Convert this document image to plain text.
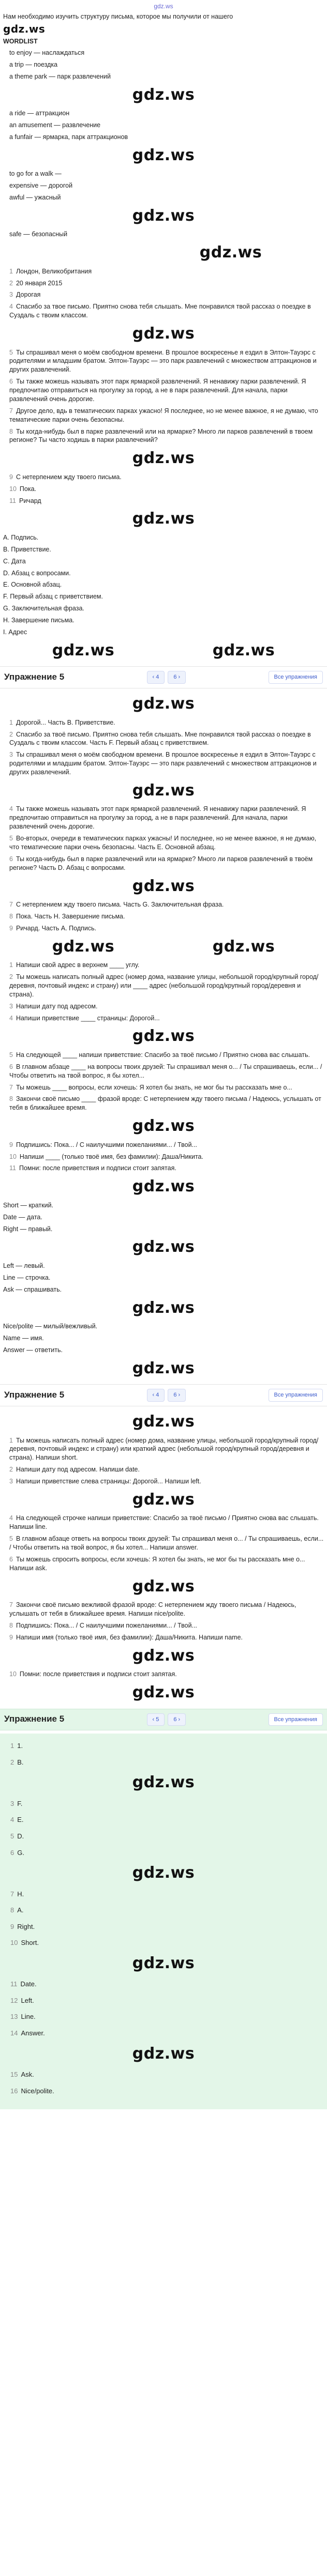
gdz.ws
Нам необходимо изучить структуру письма, которое мы получили от нашего
gdz.ws
WORDLIST
to enjoy — наслаждаться
a trip — поездка
a theme park — парк развлечений
gdz.ws
a ride — аттракцион
an amusement — развлечение
a funfair — ярмарка, парк аттракционов
gdz.ws
to go for a walk —
expensive — дорогой
awful — ужасный
gdz.ws
safe — безопасный
gdz.ws
1 Лондон, Великобритания
2 20 января 2015
3 Дорогая
4 Спасибо за твое письмо. Приятно снова тебя слышать. Мне понравился твой рассказ о поездке в Суздаль с твоим классом.
gdz.ws
5 Ты спрашивал меня о моём свободном времени. В прошлое воскресенье я ездил в Элтон-Тауэрс с родителями и младшим братом. Элтон-Тауэрс — это парк развлечений с множеством аттракционов и других развлечений.
6 Ты также можешь называть этот парк ярмаркой развлечений. Я ненавижу парки развлечений. Я предпочитаю отправиться на прогулку за город, а не в парк развлечений. Для начала, парки развлечений очень дорогие.
7 Другое дело, вдь в тематических парках ужасно! Я последнее, но не менее важное, я не думаю, что тематические парки очень безопасны.
8 Ты когда-нибудь был в парке развлечений или на ярмарке? Много ли парков развлечений в твоем регионе? Ты часто ходишь в парки развлечений?
gdz.ws
9 С нетерпением жду твоего письма.
10 Пока.
11 Ричард
gdz.ws
А. Подпись.
В. Приветствие.
С. Дата
D. Абзац с вопросами.
Е. Основной абзац.
F. Первый абзац с приветствием.
G. Заключительная фраза.
H. Завершение письма.
I. Адрес
gdz.ws	gdz.ws
Упражнение 5	‹ 4	6 ›	Все упражнения
gdz.ws
1 Дорогой... Часть В. Приветствие.
2 Спасибо за твоё письмо. Приятно снова тебя слышать. Мне понравился твой рассказ о поездке в Суздаль с твоим классом. Часть F. Первый абзац с приветствием.
3 Ты спрашивал меня о моём свободном времени. В прошлое воскресенье я ездил в Элтон-Тауэрс с родителями и младшим братом. Элтон-Тауэрс — это парк развлечений с множеством аттракционов и других развлечений.
gdz.ws
4 Ты также можешь называть этот парк ярмаркой развлечений. Я ненавижу парки развлечений. Я предпочитаю отправиться на прогулку за город, а не в парк развлечений. Для начала, парки развлечений очень дорогие.
5 Во-вторых, очереди в тематических парках ужасны! И последнее, но не менее важное, я не думаю, что тематические парки очень безопасны. Часть Е. Основной абзац.
6 Ты когда-нибудь был в парке развлечений или на ярмарке? Много ли парков развлечений в твоём регионе? Часть D. Абзац с вопросами.
gdz.ws
7 С нетерпением жду твоего письма. Часть G. Заключительная фраза.
8 Пока. Часть H. Завершение письма.
9 Ричард. Часть А. Подпись.
gdz.ws	gdz.ws
1 Напиши свой адрес в верхнем ____ углу.
2 Ты можешь написать полный адрес (номер дома, название улицы, небольшой город/крупный город/деревня, почтовый индекс и страну) или ____ адрес (небольшой город/крупный город/деревня и страна).
3 Напиши дату под адресом.
4 Напиши приветствие ____ страницы: Дорогой...
gdz.ws
5 На следующей ____ напиши приветствие: Спасибо за твоё письмо / Приятно снова вас слышать.
6 В главном абзаце ____ на вопросы твоих друзей: Ты спрашивал меня о... / Ты спрашиваешь, если... / Чтобы ответить на твой вопрос, я бы хотел...
7 Ты можешь ____ вопросы, если хочешь: Я хотел бы знать, не мог бы ты рассказать мне о...
8 Закончи своё письмо ____ фразой вроде: С нетерпением жду твоего письма / Надеюсь, услышать от тебя в ближайшее время.
gdz.ws
9 Подпишись: Пока... / С наилучшими пожеланиями... / Твой...
10 Напиши ____ (только твоё имя, без фамилии): Даша/Никита.
11 Помни: после приветствия и подписи стоит запятая.
gdz.ws
Short — краткий.
Date — дата.
Right — правый.
gdz.ws
Left — левый.
Line — строчка.
Ask — спрашивать.
gdz.ws
Nice/polite — милый/вежливый.
Name — имя.
Answer — ответить.
gdz.ws
Упражнение 5	‹ 4	6 ›	Все упражнения
gdz.ws
1 Ты можешь написать полный адрес (номер дома, название улицы, небольшой город/крупный город/деревня, почтовый индекс и страну) или краткий адрес (небольшой город/крупный город/деревня и страна). Напиши short.
2 Напиши дату под адресом. Напиши date.
3 Напиши приветствие слева страницы: Дорогой... Напиши left.
gdz.ws
4 На следующей строчке напиши приветствие: Спасибо за твоё письмо / Приятно снова вас слышать. Напиши line.
5 В главном абзаце ответь на вопросы твоих друзей: Ты спрашивал меня о... / Ты спрашиваешь, если... / Чтобы ответить на твой вопрос, я бы хотел... Напиши answer.
6 Ты можешь спросить вопросы, если хочешь: Я хотел бы знать, не мог бы ты рассказать мне о... Напиши ask.
gdz.ws
7 Закончи своё письмо вежливой фразой вроде: С нетерпением жду твоего письма / Надеюсь, услышать от тебя в ближайшее время. Напиши nice/polite.
8 Подпишись: Пока... / С наилучшими пожеланиями... / Твой...
9 Напиши имя (только твоё имя, без фамилии): Даша/Никита. Напиши name.
gdz.ws
10 Помни: после приветствия и подписи стоит запятая.
gdz.ws
Упражнение 5	‹ 5	6 ›	Все упражнения
1 1.
2 В.
gdz.ws
3 F.
4 Е.
5 D.
6 G.
gdz.ws
7 H.
8 А.
9 Right.
10 Short.
gdz.ws
11 Date.
12 Left.
13 Line.
14 Answer.
gdz.ws
15 Ask.
16 Nice/polite.
